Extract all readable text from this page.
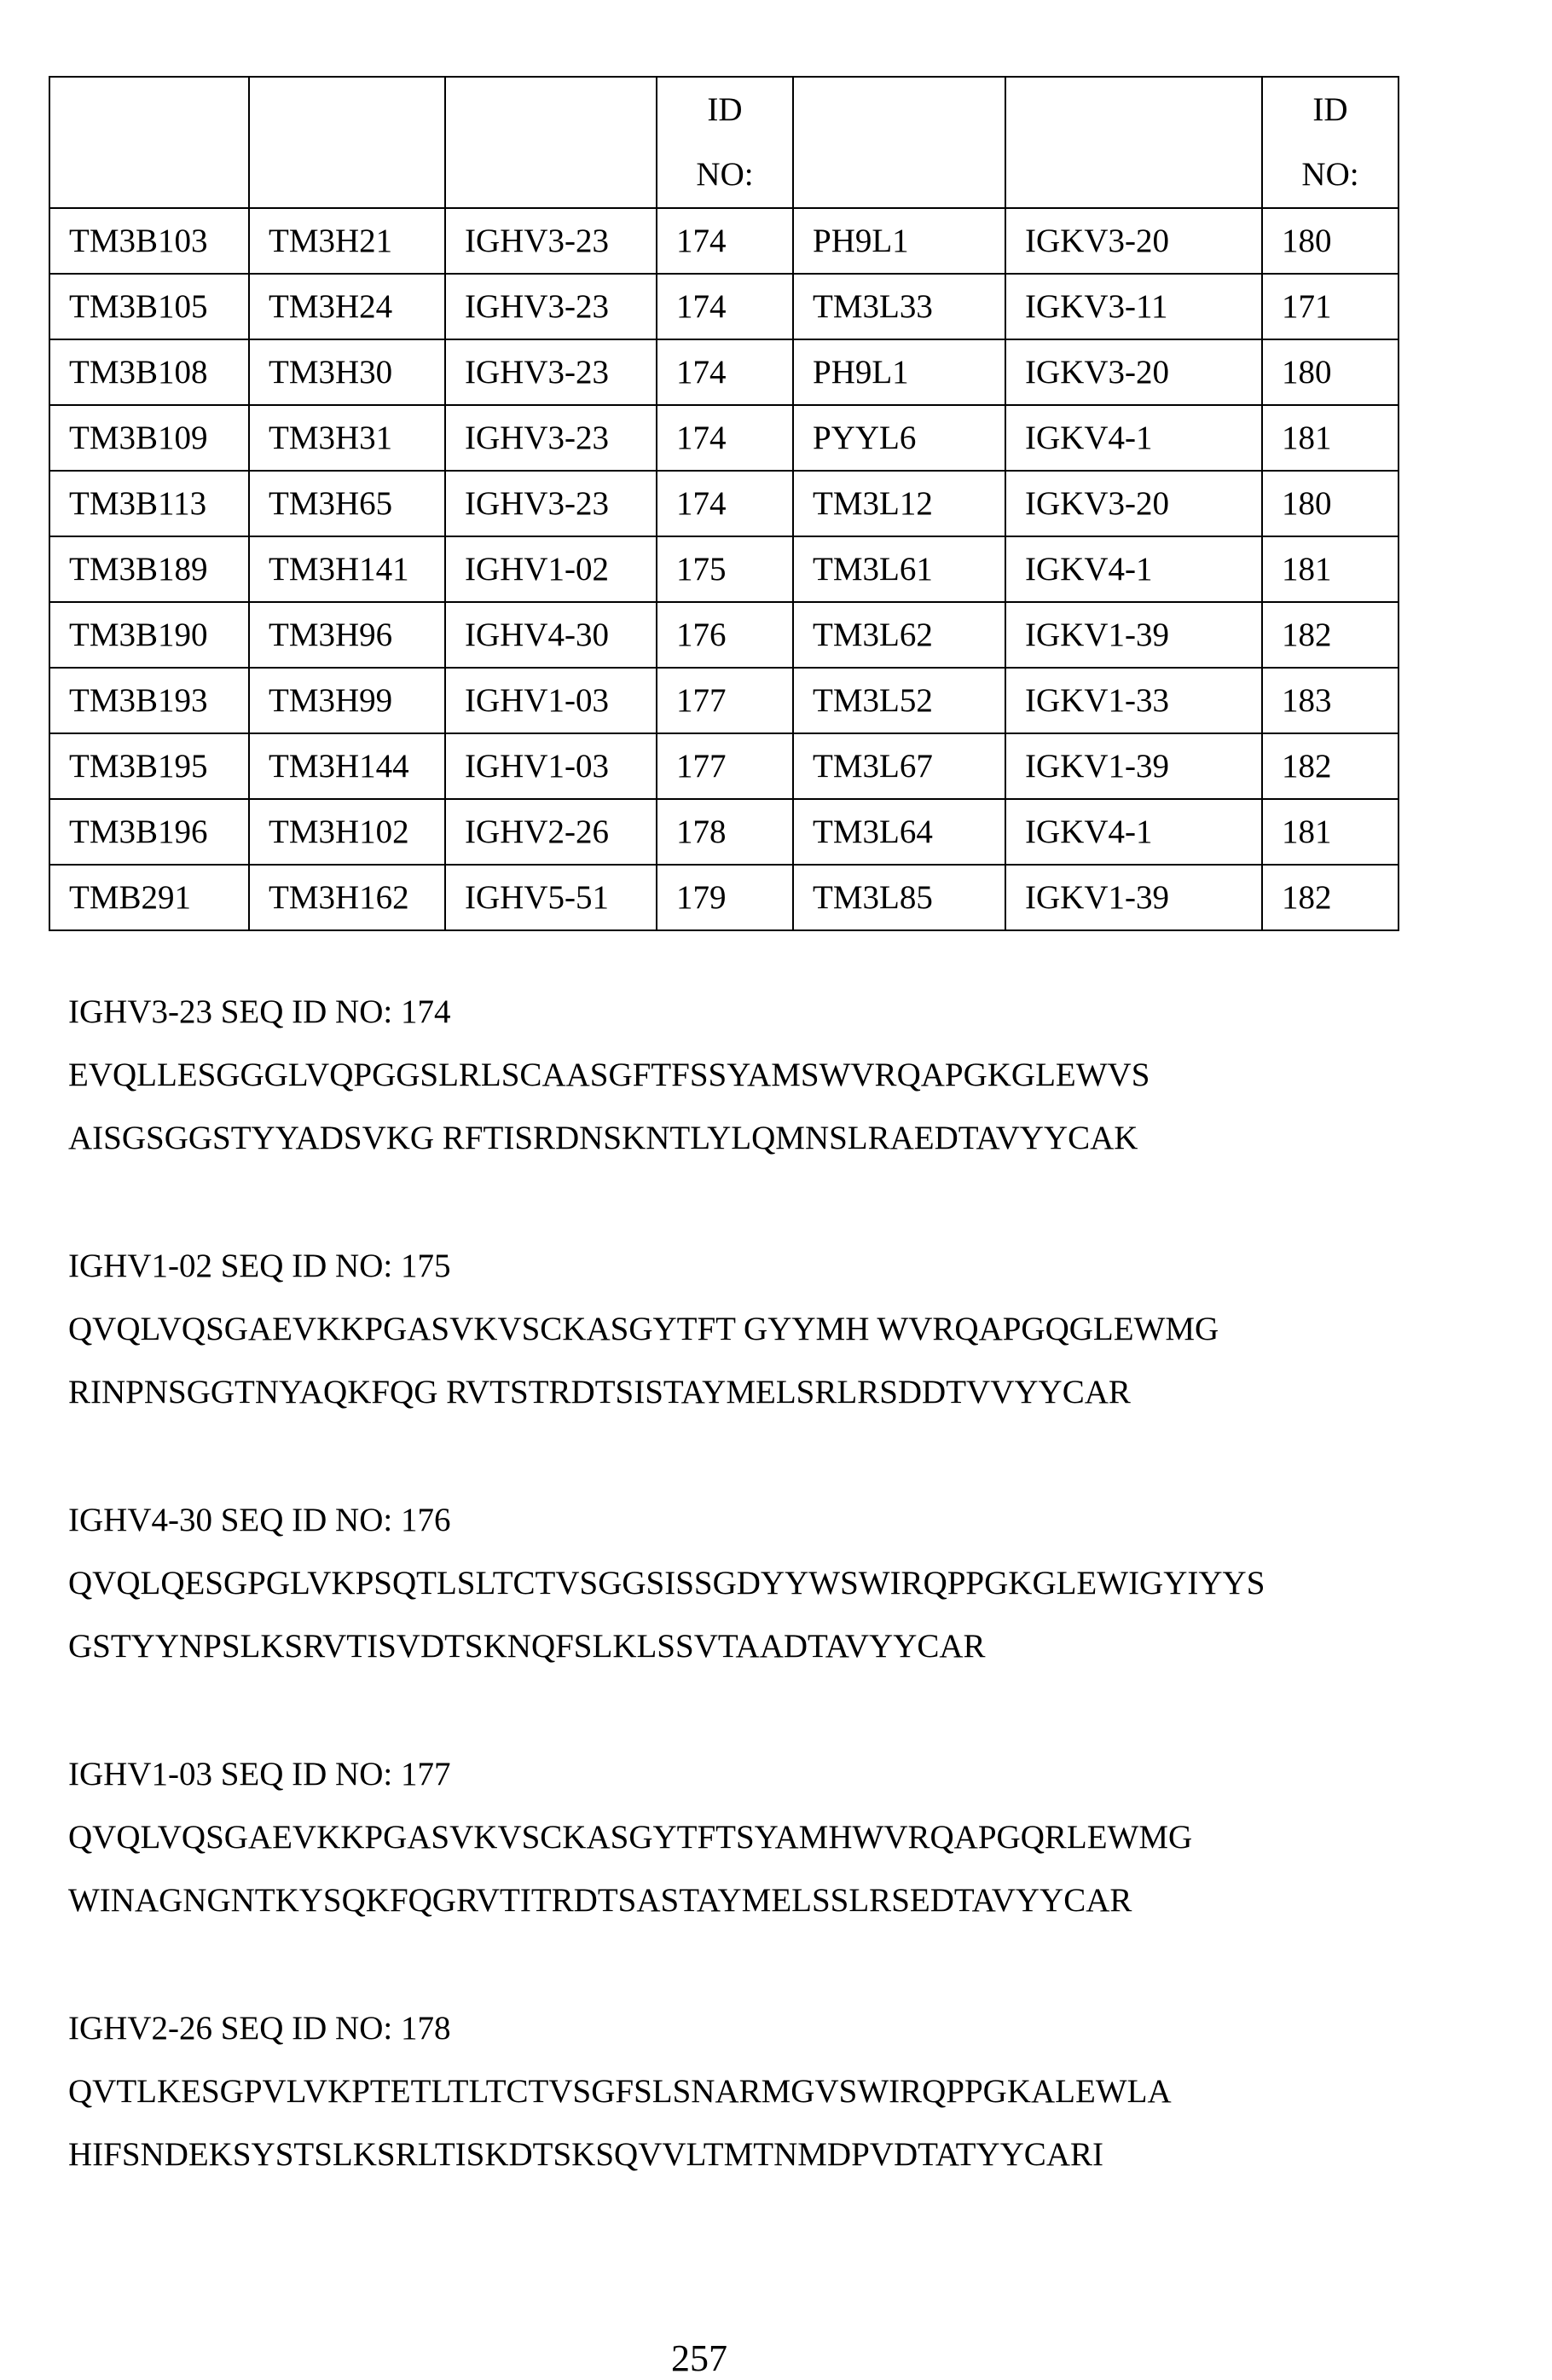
			ID NO:			ID NO:
TM3B103	TM3H21	IGHV3-23	174	PH9L1	IGKV3-20	180
TM3B105	TM3H24	IGHV3-23	174	TM3L33	IGKV3-11	171
TM3B108	TM3H30	IGHV3-23	174	PH9L1	IGKV3-20	180
TM3B109	TM3H31	IGHV3-23	174	PYYL6	IGKV4-1	181
TM3B113	TM3H65	IGHV3-23	174	TM3L12	IGKV3-20	180
TM3B189	TM3H141	IGHV1-02	175	TM3L61	IGKV4-1	181
TM3B190	TM3H96	IGHV4-30	176	TM3L62	IGKV1-39	182
TM3B193	TM3H99	IGHV1-03	177	TM3L52	IGKV1-33	183
TM3B195	TM3H144	IGHV1-03	177	TM3L67	IGKV1-39	182
TM3B196	TM3H102	IGHV2-26	178	TM3L64	IGKV4-1	181
TMB291	TM3H162	IGHV5-51	179	TM3L85	IGKV1-39	182
IGHV3-23 SEQ ID NO: 174
EVQLLESGGGLVQPGGSLRLSCAASGFTFSSYAMSWVRQAPGKGLEWVS
AISGSGGSTYYADSVKG RFTISRDNSKNTLYLQMNSLRAEDTAVYYCAK
IGHV1-02 SEQ ID NO: 175
QVQLVQSGAEVKKPGASVKVSCKASGYTFT GYYMH WVRQAPGQGLEWMG
RINPNSGGTNYAQKFQG RVTSTRDTSISTAYMELSRLRSDDTVVYYCAR
IGHV4-30 SEQ ID NO: 176
QVQLQESGPGLVKPSQTLSLTCTVSGGSISSGDYYWSWIRQPPGKGLEWIGYIYYS
GSTYYNPSLKSRVTISVDTSKNQFSLKLSSVTAADTAVYYCAR
IGHV1-03 SEQ ID NO: 177
QVQLVQSGAEVKKPGASVKVSCKASGYTFTSYAMHWVRQAPGQRLEWMG
WINAGNGNTKYSQKFQGRVTITRDTSASTAYMELSSLRSEDTAVYYCAR
IGHV2-26 SEQ ID NO: 178
QVTLKESGPVLVKPTETLTLTCTVSGFSLSNARMGVSWIRQPPGKALEWLA
HIFSNDEKSYSTSLKSRLTISKDTSKSQVVLTMTNMDPVDTATYYCARI
257
